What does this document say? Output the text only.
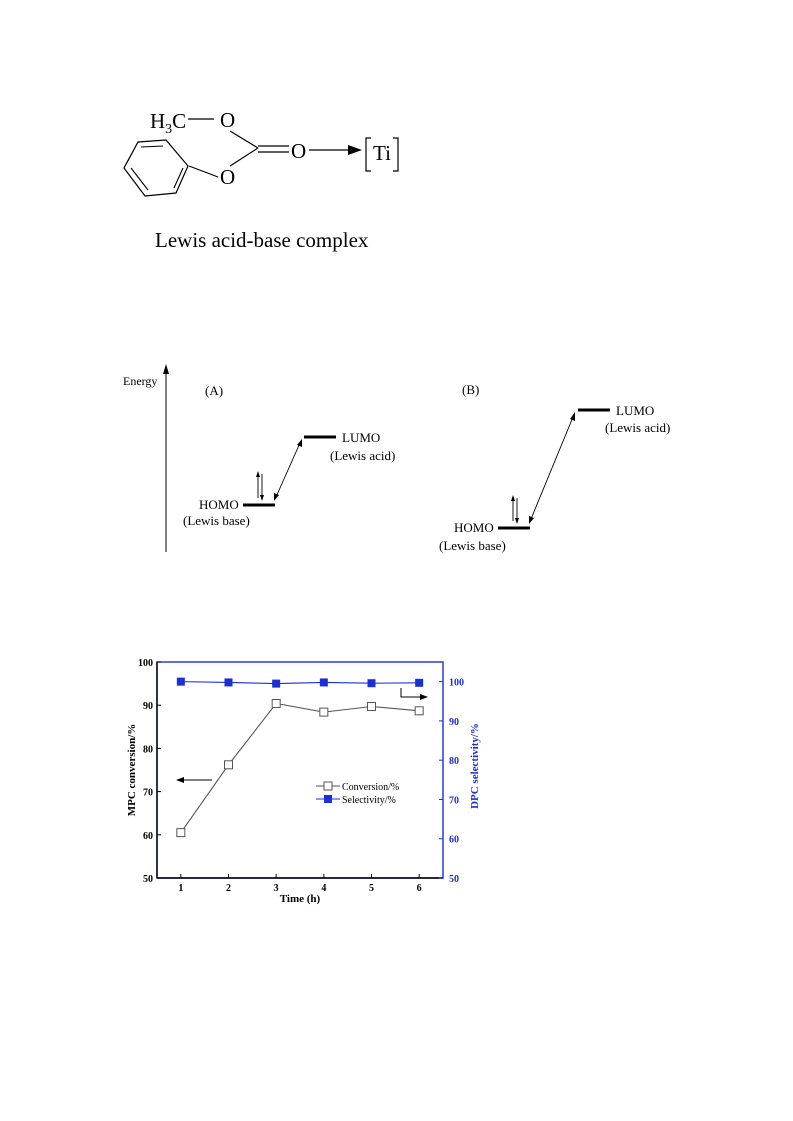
$H_3C$ O
O	Ti
O
Lewis acid-base complex
Energy
(A)
LUMO
(Lewis acid)
HOMO
(Lewis base)
(B)
LUMO
(Lewis acid)
HOMO
(Lewis base)
50
60
70
80
90
100
50
60
70
80
90
100
1	2	3	4	5	6
Time (h)
MPC conversion/%	DPC selectivity/%
Conversion/%
Selectivity/%
